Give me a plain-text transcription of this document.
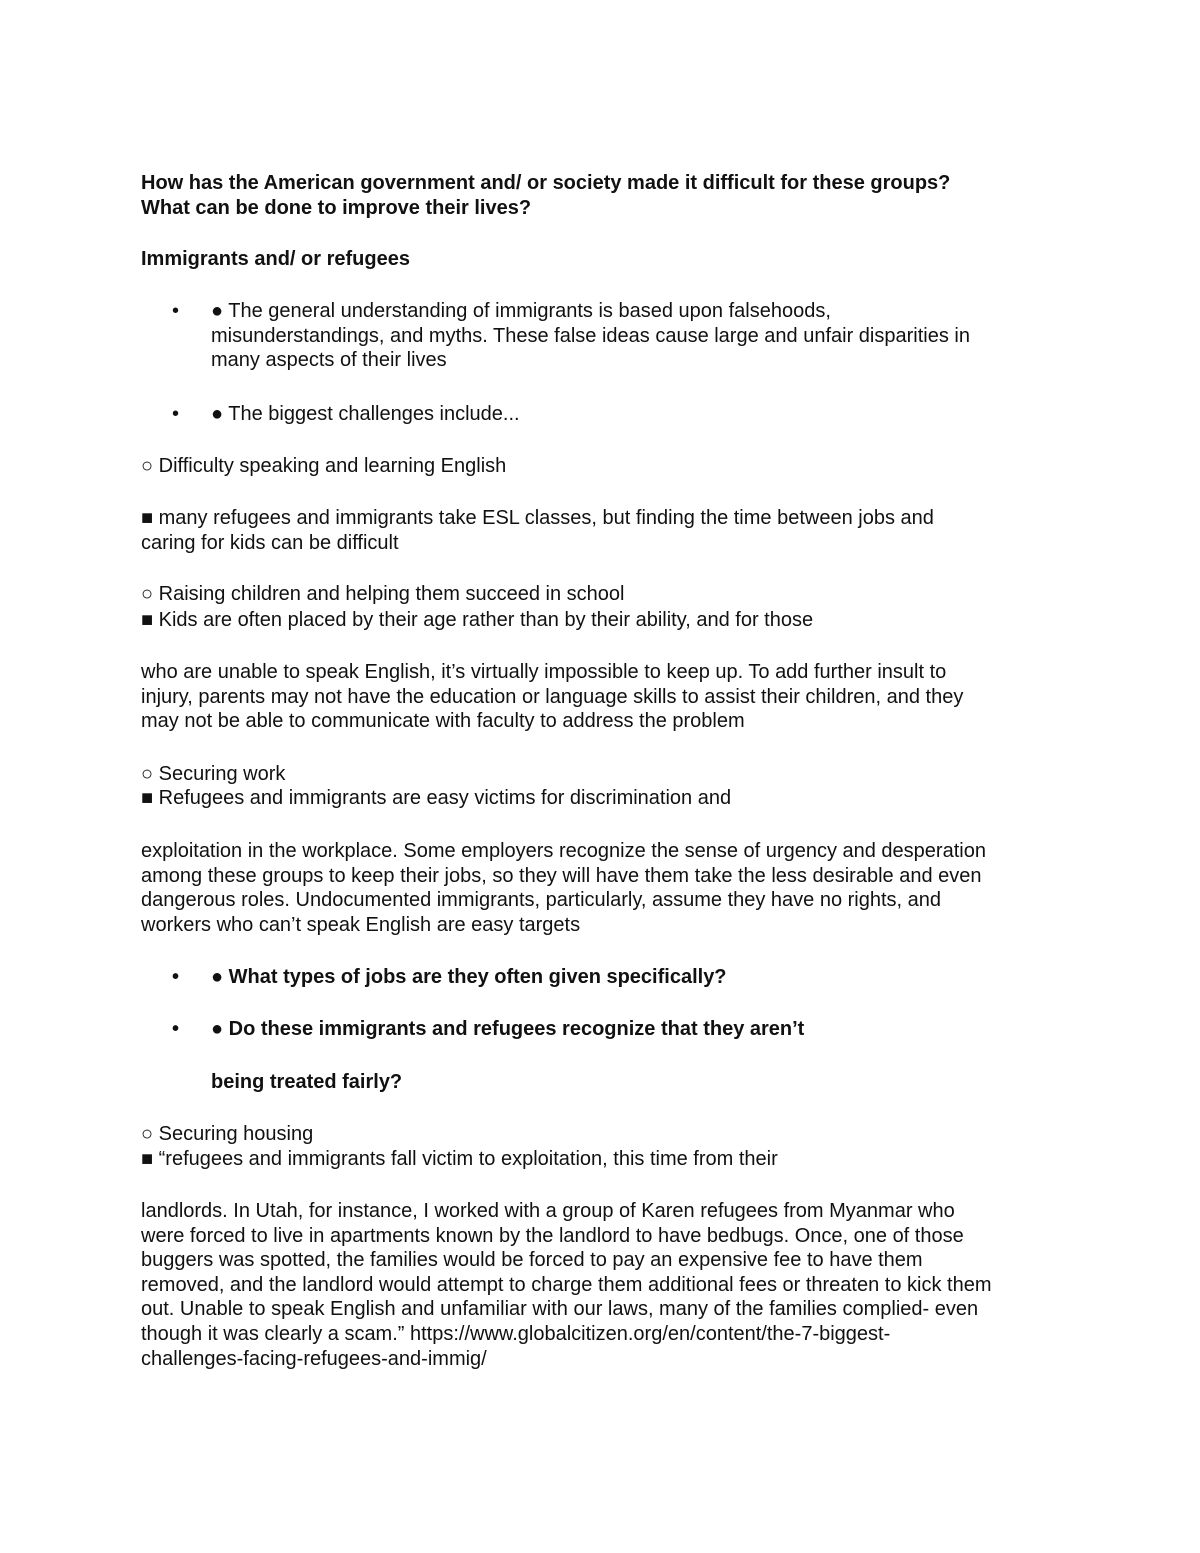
How has the American government and/ or society made it difficult for these groups?

What can be done to improve their lives?

Immigrants and/ or refugees

• ● The general understanding of immigrants is based upon falsehoods,
misunderstandings, and myths. These false ideas cause large and unfair disparities in
many aspects of their lives

• ● The biggest challenges include...

○ Difficulty speaking and learning English

■ many refugees and immigrants take ESL classes, but finding the time between jobs and
caring for kids can be difficult

○ Raising children and helping them succeed in school

■ Kids are often placed by their age rather than by their ability, and for those

who are unable to speak English, it’s virtually impossible to keep up. To add further insult to
injury, parents may not have the education or language skills to assist their children, and they
may not be able to communicate with faculty to address the problem

○ Securing work

■ Refugees and immigrants are easy victims for discrimination and

exploitation in the workplace. Some employers recognize the sense of urgency and desperation
among these groups to keep their jobs, so they will have them take the less desirable and even
dangerous roles. Undocumented immigrants, particularly, assume they have no rights, and
workers who can’t speak English are easy targets

• ● What types of jobs are they often given specifically?

• ● Do these immigrants and refugees recognize that they aren’t

being treated fairly?

○ Securing housing

■ “refugees and immigrants fall victim to exploitation, this time from their

landlords. In Utah, for instance, I worked with a group of Karen refugees from Myanmar who
were forced to live in apartments known by the landlord to have bedbugs. Once, one of those
buggers was spotted, the families would be forced to pay an expensive fee to have them
removed, and the landlord would attempt to charge them additional fees or threaten to kick them
out. Unable to speak English and unfamiliar with our laws, many of the families complied- even
though it was clearly a scam.” https://www.globalcitizen.org/en/content/the-7-biggest-
challenges-facing-refugees-and-immig/
